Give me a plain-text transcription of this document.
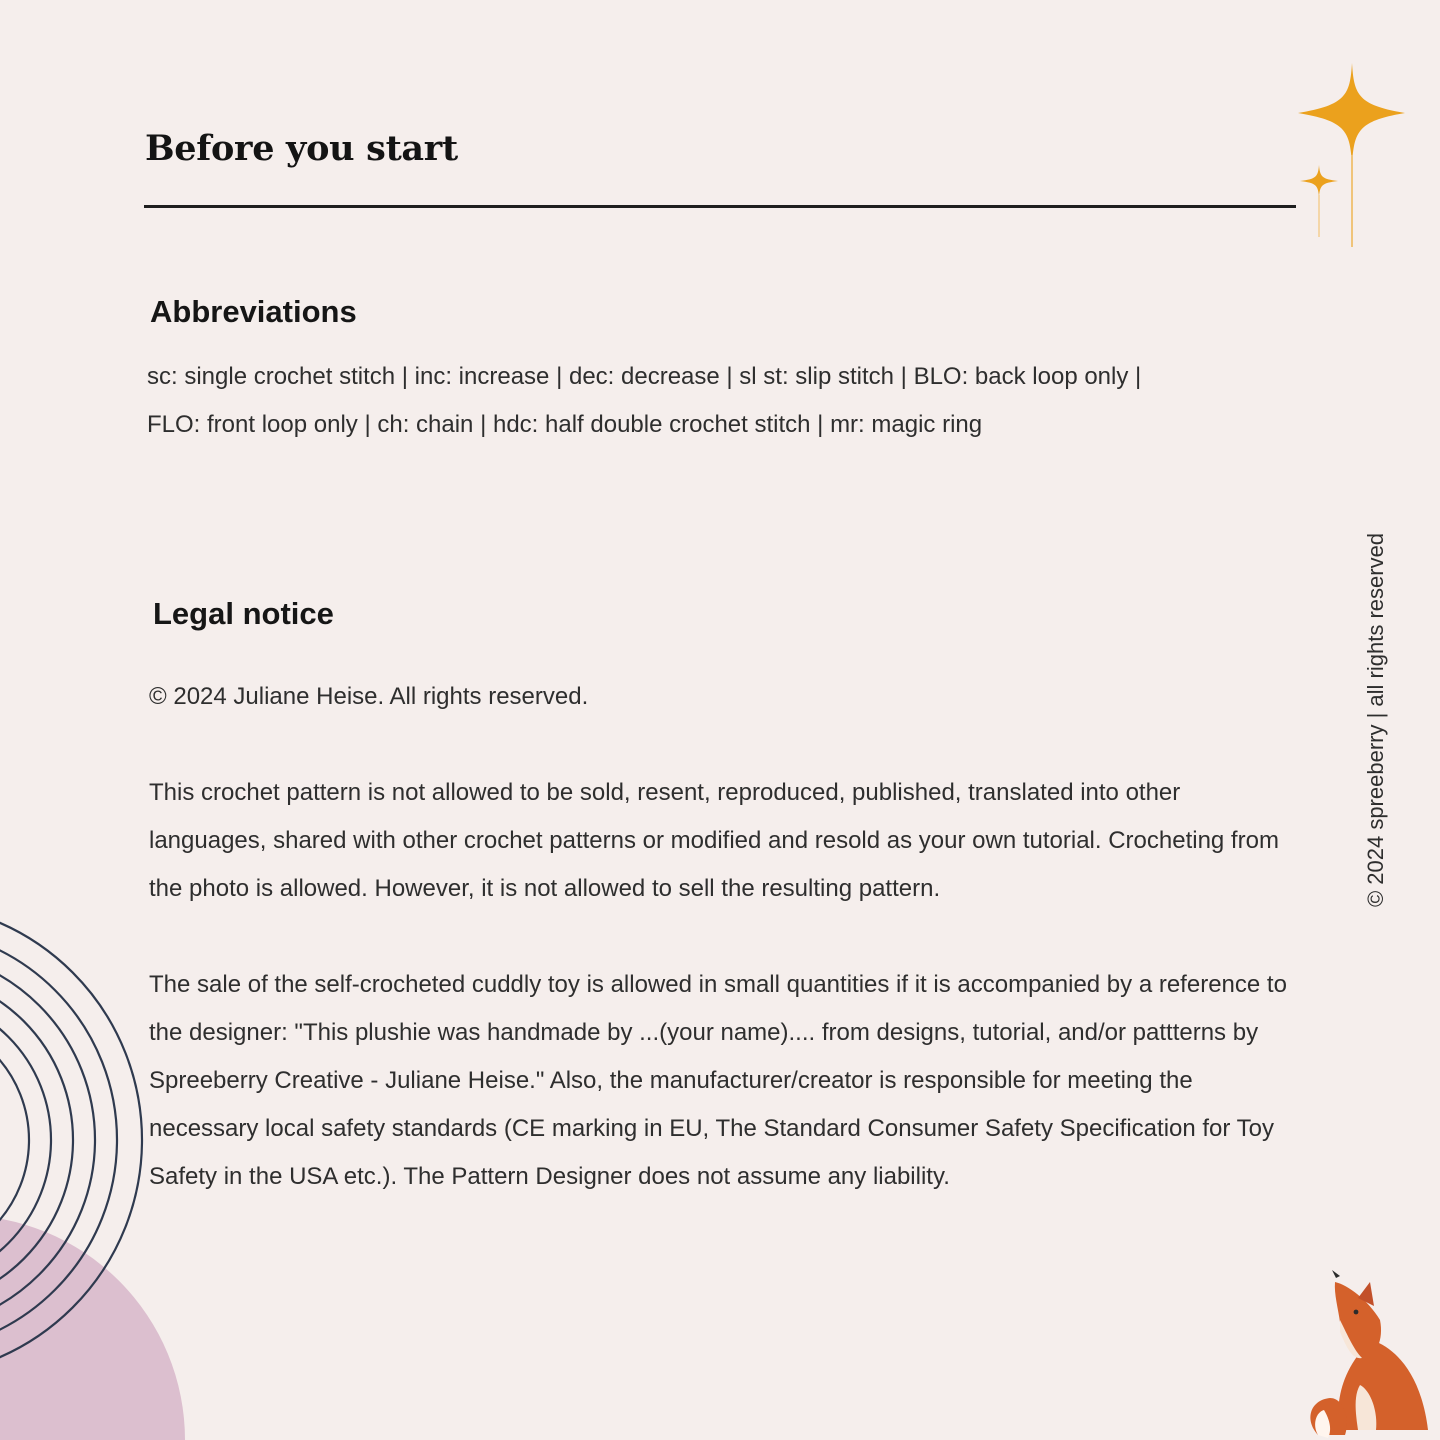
Before you start
Abbreviations

sc: single crochet stitch | inc: increase | dec: decrease | sl st: slip stitch | BLO: back loop only |

FLO: front loop only | ch: chain | hdc: half double crochet stitch | mr: magic ring

Legal notice

© 2024 Juliane Heise. All rights reserved.

This crochet pattern is not allowed to be sold, resent, reproduced, published, translated into other languages, shared with other crochet patterns or modified and resold as your own tutorial. Crocheting from the photo is allowed. However, it is not allowed to sell the resulting pattern.

The sale of the self-crocheted cuddly toy is allowed in small quantities if it is accompanied by a reference to the designer: "This plushie was handmade by ...(your name).... from designs, tutorial, and/or pattterns by Spreeberry Creative - Juliane Heise." Also, the manufacturer/creator is responsible for meeting the necessary local safety standards (CE marking in EU, The Standard Consumer Safety Specification for Toy Safety in the USA etc.). The Pattern Designer does not assume any liability.

© 2024 spreeberry | all rights reserved
